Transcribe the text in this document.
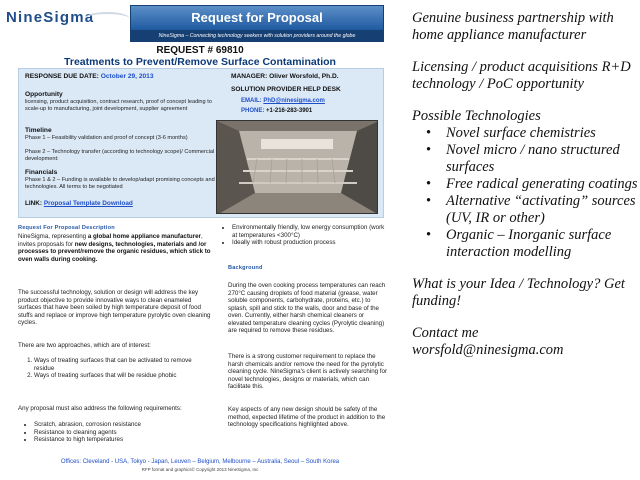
NineSigma	Request for Proposal
NineSigma – Connecting technology seekers with solution providers around the globe
REQUEST # 69810
Treatments to Prevent/Remove Surface Contamination
RESPONSE DUE DATE: October 29, 2013	MANAGER: Oliver Worsfold, Ph.D.
SOLUTION PROVIDER HELP DESK
EMAIL: PhD@ninesigma.com
PHONE: +1-216-283-3901
Opportunity
licensing, product acquisition, contract research, proof of concept leading to scale-up to manufacturing, joint development, supplier agreement
Timeline
Phase 1 – Feasibility validation and proof of concept (3-6 months)
Phase 2 – Technology transfer (according to technology scope)/ Commercial development:
Financials
Phase 1 & 2 – Funding is available to develop/adapt promising concepts and technologies. All terms to be negotiated
LINK: Proposal Template Download
Request For Proposal Description
NineSigma, representing a global home appliance manufacturer, invites proposals for new designs, technologies, materials and /or processes to prevent/remove the organic residues, which stick to oven walls during cooking.
The successful technology, solution or design will address the key product objective to provide innovative ways to clean enameled surfaces that have been soiled by high temperature deposit of food stuffs and replace or improve high temperature pyrolytic oven cleaning cycles.
There are two approaches, which are of interest:
1. Ways of treating surfaces that can be activated to remove residue
2. Ways of treating surfaces that will be residue phobic
Any proposal must also address the following requirements:
• Scratch, abrasion, corrosion resistance
• Resistance to cleaning agents
• Resistance to high temperatures
• Environmentally friendly, low energy consumption (work at temperatures <300°C)
• Ideally with robust production process
Background
During the oven cooking process temperatures can reach 270°C causing droplets of food material (grease, water soluble components, carbohydrate, proteins, etc.) to splash, spill and stick to the walls, door and base of the oven. Currently, either harsh chemical cleaners or elevated temperature cleaning cycles (Pyrolytic cleaning) are required to remove these residues.
There is a strong customer requirement to replace the harsh chemicals and/or remove the need for the pyrolytic cleaning cycle. NineSigma's client is actively searching for novel technologies, designs or materials, which can facilitate this.
Key aspects of any new design should be safety of the method, expected lifetime of the product in addition to the technology specifications highlighted above.
Offices: Cleveland - USA, Tokyo - Japan, Leuven – Belgium, Melbourne – Australia, Seoul – South Korea
RFP format and graphics© Copyright 2013 NineSigma, Inc

Genuine business partnership with home appliance manufacturer

Licensing / product acquisitions R+D technology / PoC opportunity

Possible Technologies

• Novel surface chemistries
• Novel micro / nano structured surfaces
• Free radical generating coatings
• Alternative “activating” sources (UV, IR or other)
• Organic – Inorganic surface interaction modelling

What is your Idea / Technology? Get funding!

Contact me

worsfold@ninesigma.com
